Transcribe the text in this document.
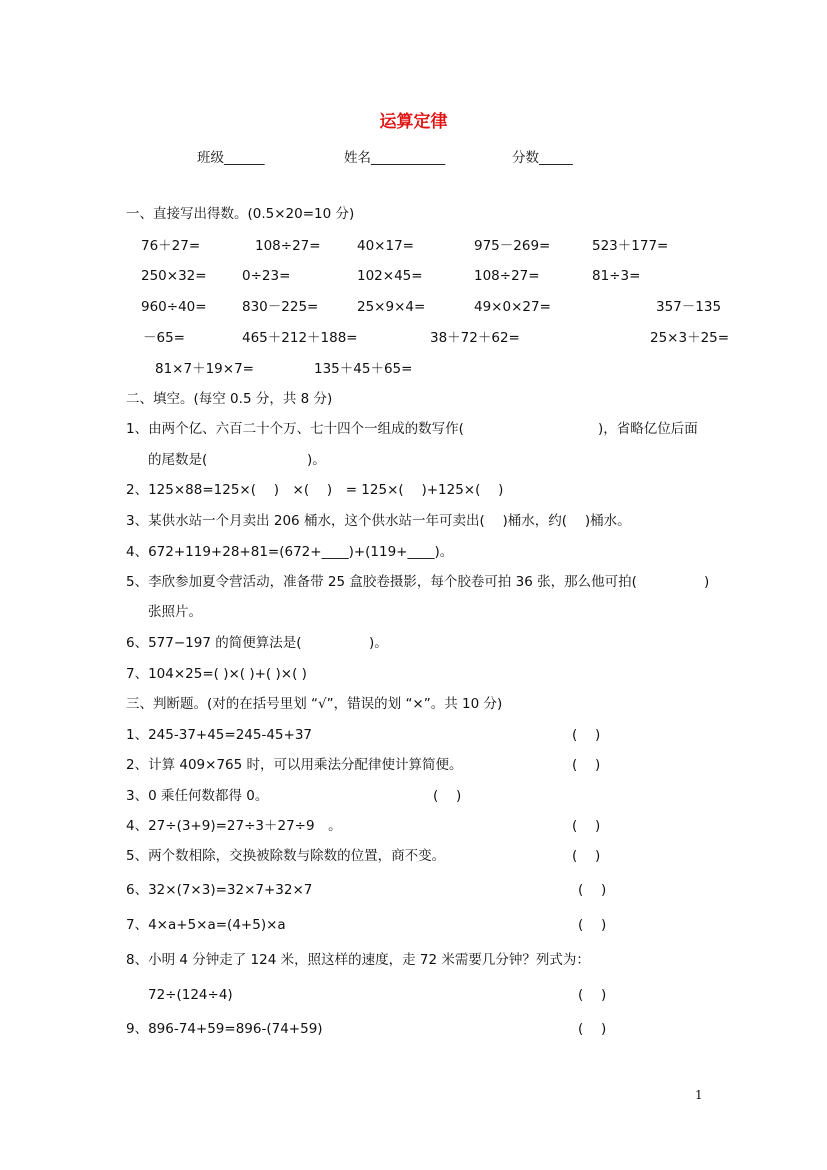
运算定律
班级______	姓名___________	分数_____
一、直接写出得数。(0.5×20=10 分)
76＋27=	108÷27=	40×17=	975－269=	523＋177=
250×32=	0÷23=	102×45=	108÷27=	81÷3=
960÷40=	830－225=	25×9×4=	49×0×27=	357－135
－65=	465＋212＋188=	38＋72＋62=	25×3＋25=
81×7＋19×7=	135＋45＋65=
二、填空。(每空 0.5 分，共 8 分)
1、由两个亿、六百二十个万、七十四个一组成的数写作(	)，省略亿位后面
的尾数是(	)。
2、125×88=125×(　 )　×(　 )　= 125×(　 )+125×(　 )
3、某供水站一个月卖出 206 桶水，这个供水站一年可卖出(　 )桶水，约(　 )桶水。
4、672+119+28+81=(672+____)+(119+____)。
5、李欣参加夏令营活动，准备带 25 盒胶卷摄影，每个胶卷可拍 36 张，那么他可拍(	)
张照片。
6、577−197 的简便算法是(　　　　　)。
7、104×25=( )×( )+( )×( )
三、判断题。(对的在括号里划 “√”，错误的划 “×”。共 10 分)
1、245-37+45=245-45+37	(　 )
2、计算 409×765 时，可以用乘法分配律使计算简便。	(　 )
3、0 乘任何数都得 0。	(　 )
4、27÷(3+9)=27÷3＋27÷9　。	(　 )
5、两个数相除，交换被除数与除数的位置，商不变。	(　 )
6、32×(7×3)=32×7+32×7	(　 )
7、4×a+5×a=(4+5)×a	(　 )
8、小明 4 分钟走了 124 米，照这样的速度，走 72 米需要几分钟？列式为：
72÷(124÷4)	(　 )
9、896-74+59=896-(74+59)	(　 )
1
